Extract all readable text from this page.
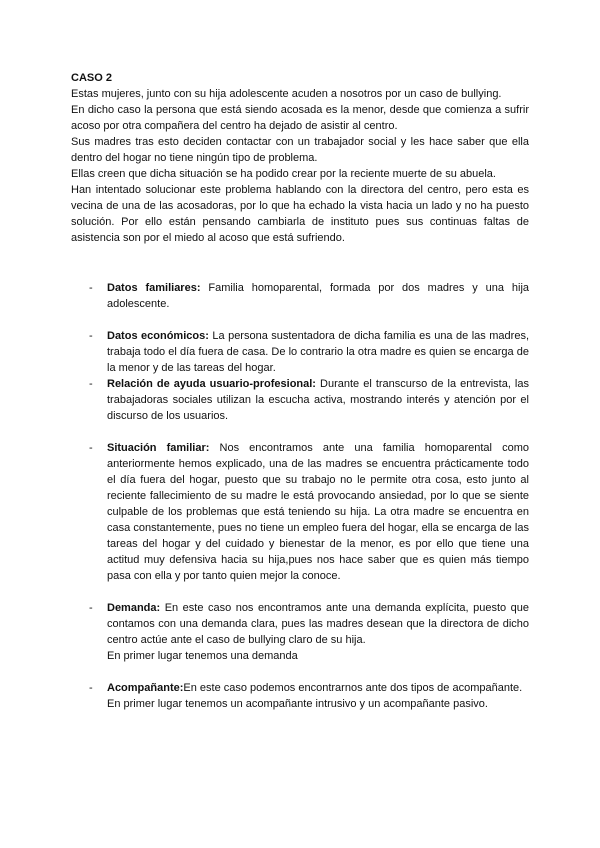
CASO 2

Estas mujeres, junto con su hija adolescente acuden a nosotros por un caso de bullying.

En dicho caso la persona que está siendo acosada es la menor, desde que comienza a sufrir acoso por otra compañera del centro ha dejado de asistir al centro.

Sus madres tras esto deciden contactar con un trabajador social y les hace saber que ella dentro del hogar no tiene ningún tipo de problema.

Ellas creen que dicha situación se ha podido crear por la reciente muerte de su abuela.

Han intentado solucionar este problema hablando con la directora del centro, pero esta es vecina de una de las acosadoras, por lo que ha echado la vista hacia un lado y no ha puesto solución. Por ello están pensando cambiarla de instituto pues sus continuas faltas de asistencia son por el miedo al acoso que está sufriendo.

- Datos familiares: Familia homoparental, formada por dos madres y una hija adolescente.
- Datos económicos: La persona sustentadora de dicha familia es una de las madres, trabaja todo el día fuera de casa. De lo contrario la otra madre es quien se encarga de la menor y de las tareas del hogar.
- Relación de ayuda usuario-profesional: Durante el transcurso de la entrevista, las trabajadoras sociales utilizan la escucha activa, mostrando interés y atención por el discurso de los usuarios.
- Situación familiar: Nos encontramos ante una familia homoparental como anteriormente hemos explicado, una de las madres se encuentra prácticamente todo el día fuera del hogar, puesto que su trabajo no le permite otra cosa, esto junto al reciente fallecimiento de su madre le está provocando ansiedad, por lo que se siente culpable de los problemas que está teniendo su hija. La otra madre se encuentra en casa constantemente, pues no tiene un empleo fuera del hogar, ella se encarga de las tareas del hogar y del cuidado y bienestar de la menor, es por ello que tiene una actitud muy defensiva hacia su hija,pues nos hace saber que es quien más tiempo pasa con ella y por tanto quien mejor la conoce.
- Demanda: En este caso nos encontramos ante una demanda explícita, puesto que contamos con una demanda clara, pues las madres desean que la directora de dicho centro actúe ante el caso de bullying claro de su hija.
En primer lugar tenemos una demanda
- Acompañante:En este caso podemos encontrarnos ante dos tipos de acompañante.
En primer lugar tenemos un acompañante intrusivo y un acompañante pasivo.
